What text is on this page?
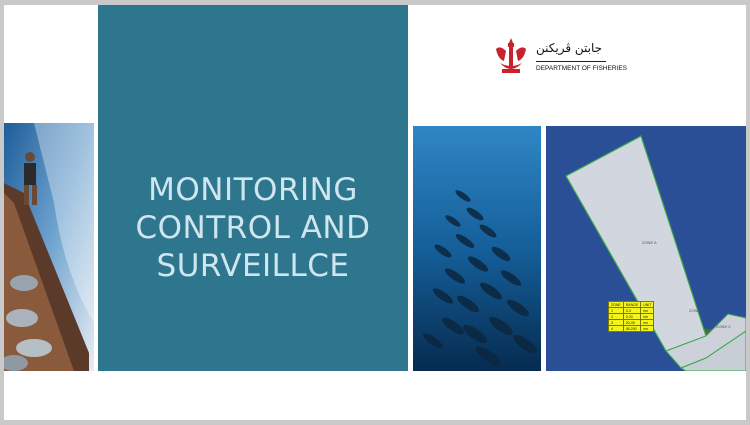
MONITORING
CONTROL AND
SURVEILLCE
جابتن ڤريكنن
DEPARTMENT OF FISHERIES
ZONE A
ZONE 1
ZONE 2
ZONE	RANGE	UNIT
1	0-3	nm
2	3-20	nm
3	20-45	nm
4	45-200	nm
